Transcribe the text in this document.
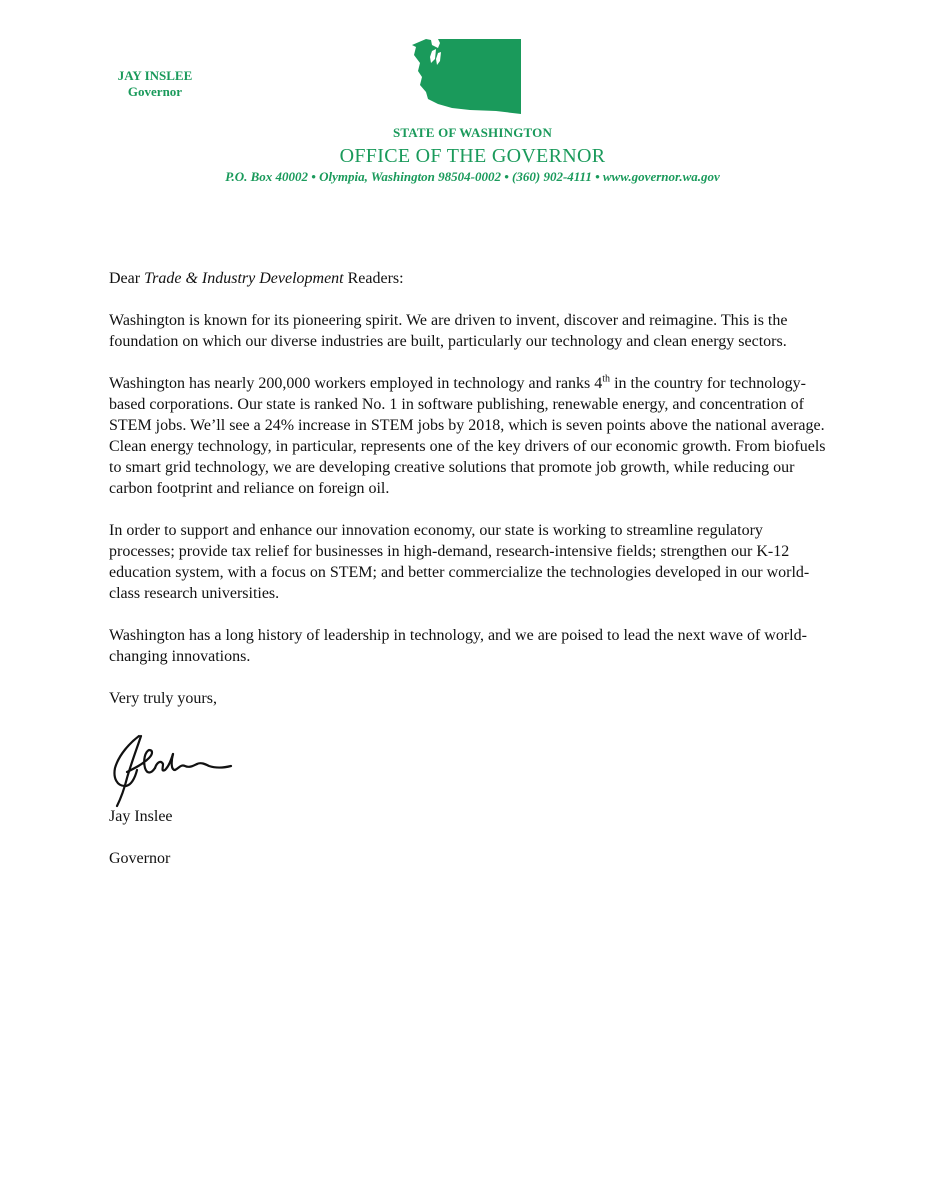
JAY INSLEE
Governor
STATE OF WASHINGTON
OFFICE OF THE GOVERNOR
P.O. Box 40002 • Olympia, Washington 98504-0002 • (360) 902-4111 • www.governor.wa.gov

Dear Trade & Industry Development Readers:

Washington is known for its pioneering spirit. We are driven to invent, discover and reimagine. This is the foundation on which our diverse industries are built, particularly our technology and clean energy sectors.

Washington has nearly 200,000 workers employed in technology and ranks 4th in the country for technology-based corporations. Our state is ranked No. 1 in software publishing, renewable energy, and concentration of STEM jobs. We’ll see a 24% increase in STEM jobs by 2018, which is seven points above the national average. Clean energy technology, in particular, represents one of the key drivers of our economic growth. From biofuels to smart grid technology, we are developing creative solutions that promote job growth, while reducing our carbon footprint and reliance on foreign oil.

In order to support and enhance our innovation economy, our state is working to streamline regulatory processes; provide tax relief for businesses in high-demand, research-intensive fields; strengthen our K-12 education system, with a focus on STEM; and better commercialize the technologies developed in our world-class research universities.

Washington has a long history of leadership in technology, and we are poised to lead the next wave of world-changing innovations.

Very truly yours,

Jay Inslee

Governor
